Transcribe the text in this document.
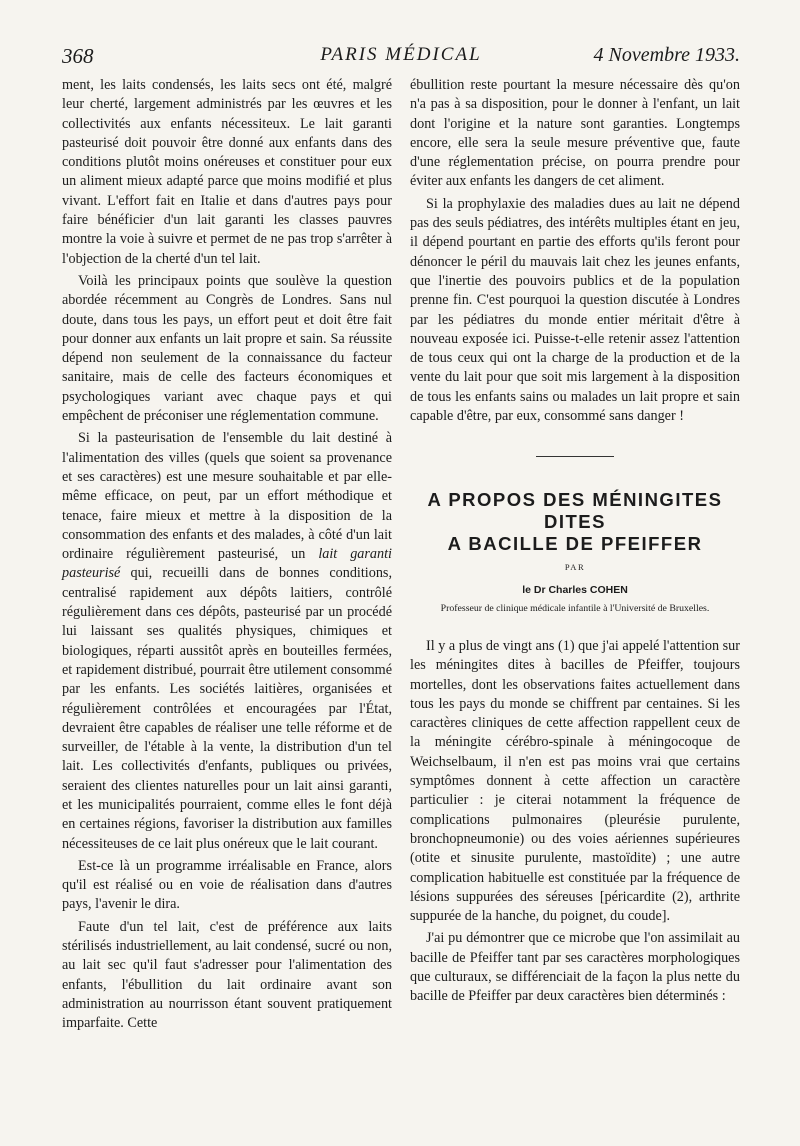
368	PARIS MÉDICAL	4 Novembre 1933.

ment, les laits condensés, les laits secs ont été, malgré leur cherté, largement administrés par les œuvres et les collectivités aux enfants nécessiteux. Le lait garanti pasteurisé doit pouvoir être donné aux enfants dans des conditions plutôt moins onéreuses et constituer pour eux un aliment mieux adapté parce que moins modifié et plus vivant. L'effort fait en Italie et dans d'autres pays pour faire bénéficier d'un lait garanti les classes pauvres montre la voie à suivre et permet de ne pas trop s'arrêter à l'objection de la cherté d'un tel lait.

Voilà les principaux points que soulève la question abordée récemment au Congrès de Londres. Sans nul doute, dans tous les pays, un effort peut et doit être fait pour donner aux enfants un lait propre et sain. Sa réussite dépend non seulement de la connaissance du facteur sanitaire, mais de celle des facteurs économiques et psychologiques variant avec chaque pays et qui empêchent de préconiser une réglementation commune.

Si la pasteurisation de l'ensemble du lait destiné à l'alimentation des villes (quels que soient sa provenance et ses caractères) est une mesure souhaitable et par elle-même efficace, on peut, par un effort méthodique et tenace, faire mieux et mettre à la disposition de la consommation des enfants et des malades, à côté d'un lait ordinaire régulièrement pasteurisé, un lait garanti pasteurisé qui, recueilli dans de bonnes conditions, centralisé rapidement aux dépôts laitiers, contrôlé régulièrement dans ces dépôts, pasteurisé par un procédé lui laissant ses qualités physiques, chimiques et biologiques, réparti aussitôt après en bouteilles fermées, et rapidement distribué, pourrait être utilement consommé par les enfants. Les sociétés laitières, organisées et régulièrement contrôlées et encouragées par l'État, devraient être capables de réaliser une telle réforme et de surveiller, de l'étable à la vente, la distribution d'un tel lait. Les collectivités d'enfants, publiques ou privées, seraient des clientes naturelles pour un lait ainsi garanti, et les municipalités pourraient, comme elles le font déjà en certaines régions, favoriser la distribution aux familles nécessiteuses de ce lait plus onéreux que le lait courant.

Est-ce là un programme irréalisable en France, alors qu'il est réalisé ou en voie de réalisation dans d'autres pays, l'avenir le dira.

Faute d'un tel lait, c'est de préférence aux laits stérilisés industriellement, au lait condensé, sucré ou non, au lait sec qu'il faut s'adresser pour l'alimentation des enfants, l'ébullition du lait ordinaire avant son administration au nourrisson étant souvent pratiquement imparfaite. Cette

ébullition reste pourtant la mesure nécessaire dès qu'on n'a pas à sa disposition, pour le donner à l'enfant, un lait dont l'origine et la nature sont garanties. Longtemps encore, elle sera la seule mesure préventive que, faute d'une réglementation précise, on pourra prendre pour éviter aux enfants les dangers de cet aliment.

Si la prophylaxie des maladies dues au lait ne dépend pas des seuls pédiatres, des intérêts multiples étant en jeu, il dépend pourtant en partie des efforts qu'ils feront pour dénoncer le péril du mauvais lait chez les jeunes enfants, que l'inertie des pouvoirs publics et de la population prenne fin. C'est pourquoi la question discutée à Londres par les pédiatres du monde entier méritait d'être à nouveau exposée ici. Puisse-t-elle retenir assez l'attention de tous ceux qui ont la charge de la production et de la vente du lait pour que soit mis largement à la disposition de tous les enfants sains ou malades un lait propre et sain capable d'être, par eux, consommé sans danger !

A PROPOS DES MÉNINGITES
DITES
A BACILLE DE PFEIFFER

PAR

le Dr Charles COHEN

Professeur de clinique médicale infantile à l'Université de Bruxelles.

Il y a plus de vingt ans (1) que j'ai appelé l'attention sur les méningites dites à bacilles de Pfeiffer, toujours mortelles, dont les observations faites actuellement dans tous les pays du monde se chiffrent par centaines. Si les caractères cliniques de cette affection rappellent ceux de la méningite cérébro-spinale à méningocoque de Weichselbaum, il n'en est pas moins vrai que certains symptômes donnent à cette affection un caractère particulier : je citerai notamment la fréquence de complications pulmonaires (pleurésie purulente, bronchopneumonie) ou des voies aériennes supérieures (otite et sinusite purulente, mastoïdite) ; une autre complication habituelle est constituée par la fréquence de lésions suppurées des séreuses [péricardite (2), arthrite suppurée de la hanche, du poignet, du coude].

J'ai pu démontrer que ce microbe que l'on assimilait au bacille de Pfeiffer tant par ses caractères morphologiques que culturaux, se différenciait de la façon la plus nette du bacille de Pfeiffer par deux caractères bien déterminés :
